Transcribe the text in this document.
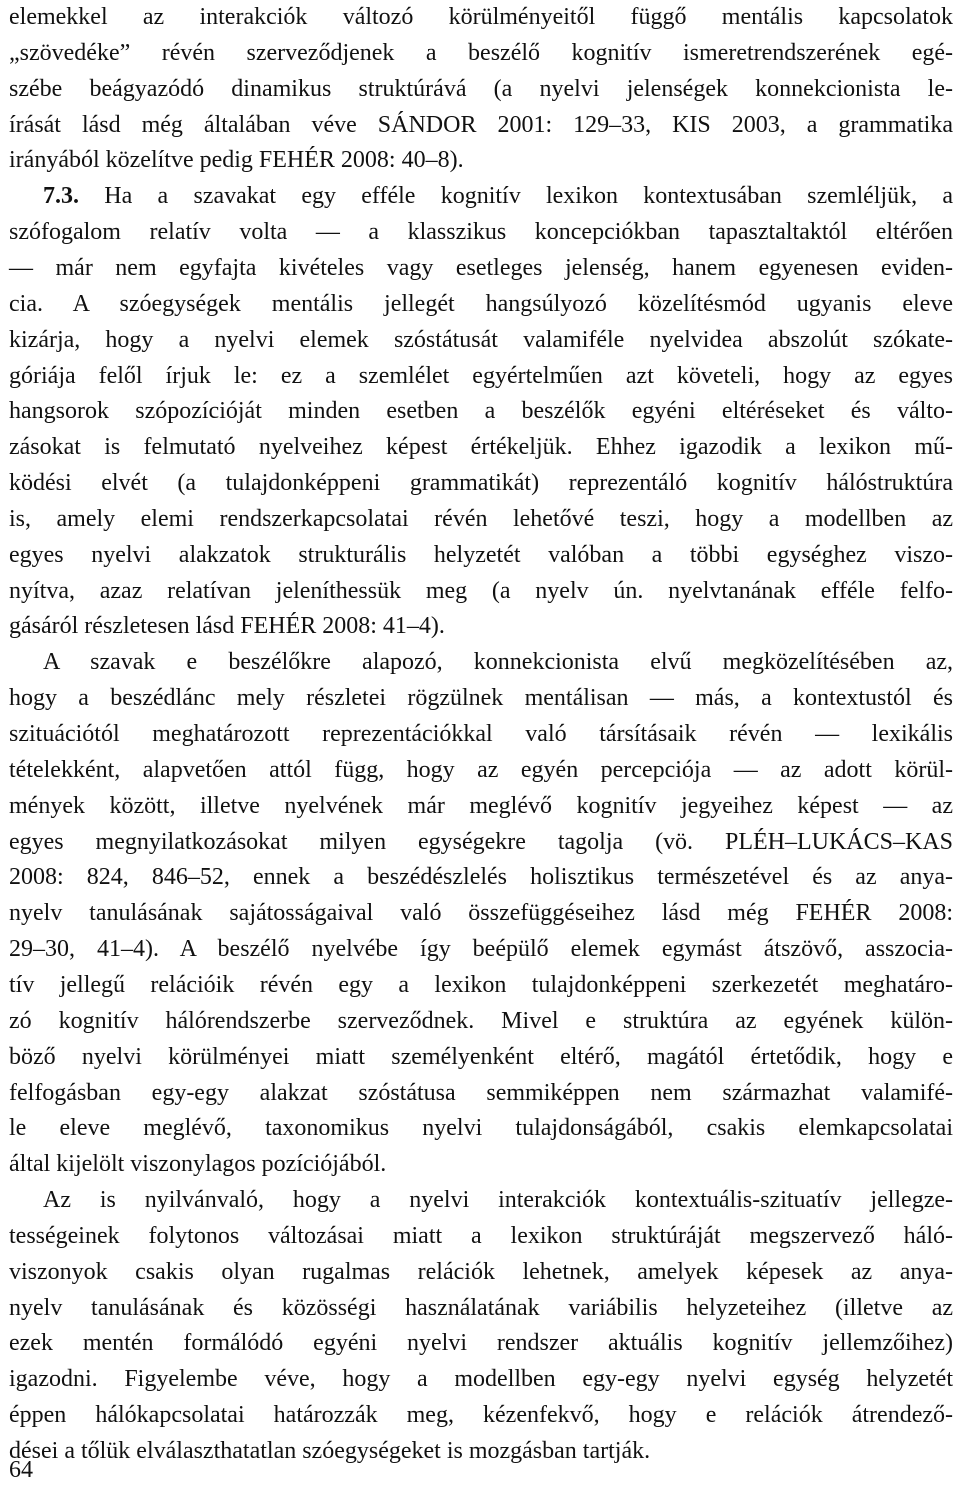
elemekkel az interakciók változó körülményeitől függő mentális kapcsolatok
„szövedéke” révén szerveződjenek a beszélő kognitív ismeretrendszerének egé-
szébe beágyazódó dinamikus struktúrává (a nyelvi jelenségek konnekcionista le-
írását lásd még általában véve SÁNDOR 2001: 129–33, KIS 2003, a grammatika
irányából közelítve pedig FEHÉR 2008: 40–8).
7.3. Ha a szavakat egy efféle kognitív lexikon kontextusában szemléljük, a
szófogalom relatív volta — a klasszikus koncepciókban tapasztaltaktól eltérően
— már nem egyfajta kivételes vagy esetleges jelenség, hanem egyenesen eviden-
cia. A szóegységek mentális jellegét hangsúlyozó közelítésmód ugyanis eleve
kizárja, hogy a nyelvi elemek szóstátusát valamiféle nyelvidea abszolút szókate-
góriája felől írjuk le: ez a szemlélet egyértelműen azt követeli, hogy az egyes
hangsorok szópozícióját minden esetben a beszélők egyéni eltéréseket és válto-
zásokat is felmutató nyelveihez képest értékeljük. Ehhez igazodik a lexikon mű-
ködési elvét (a tulajdonképpeni grammatikát) reprezentáló kognitív hálóstruktúra
is, amely elemi rendszerkapcsolatai révén lehetővé teszi, hogy a modellben az
egyes nyelvi alakzatok strukturális helyzetét valóban a többi egységhez viszo-
nyítva, azaz relatívan jeleníthessük meg (a nyelv ún. nyelvtanának efféle felfo-
gásáról részletesen lásd FEHÉR 2008: 41–4).
A szavak e beszélőkre alapozó, konnekcionista elvű megközelítésében az,
hogy a beszédlánc mely részletei rögzülnek mentálisan — más, a kontextustól és
szituációtól meghatározott reprezentációkkal való társításaik révén — lexikális
tételekként, alapvetően attól függ, hogy az egyén percepciója — az adott körül-
mények között, illetve nyelvének már meglévő kognitív jegyeihez képest — az
egyes megnyilatkozásokat milyen egységekre tagolja (vö. PLÉH–LUKÁCS–KAS
2008: 824, 846–52, ennek a beszédészlelés holisztikus természetével és az anya-
nyelv tanulásának sajátosságaival való összefüggéseihez lásd még FEHÉR 2008:
29–30, 41–4). A beszélő nyelvébe így beépülő elemek egymást átszövő, asszocia-
tív jellegű relációik révén egy a lexikon tulajdonképpeni szerkezetét meghatáro-
zó kognitív hálórendszerbe szerveződnek. Mivel e struktúra az egyének külön-
böző nyelvi körülményei miatt személyenként eltérő, magától értetődik, hogy e
felfogásban egy-egy alakzat szóstátusa semmiképpen nem származhat valamifé-
le eleve meglévő, taxonomikus nyelvi tulajdonságából, csakis elemkapcsolatai
által kijelölt viszonylagos pozíciójából.
Az is nyilvánvaló, hogy a nyelvi interakciók kontextuális-szituatív jellegze-
tességeinek folytonos változásai miatt a lexikon struktúráját megszervező háló-
viszonyok csakis olyan rugalmas relációk lehetnek, amelyek képesek az anya-
nyelv tanulásának és közösségi használatának variábilis helyzeteihez (illetve az
ezek mentén formálódó egyéni nyelvi rendszer aktuális kognitív jellemzőihez)
igazodni. Figyelembe véve, hogy a modellben egy-egy nyelvi egység helyzetét
éppen hálókapcsolatai határozzák meg, kézenfekvő, hogy e relációk átrendező-
dései a tőlük elválaszthatatlan szóegységeket is mozgásban tartják.
64
